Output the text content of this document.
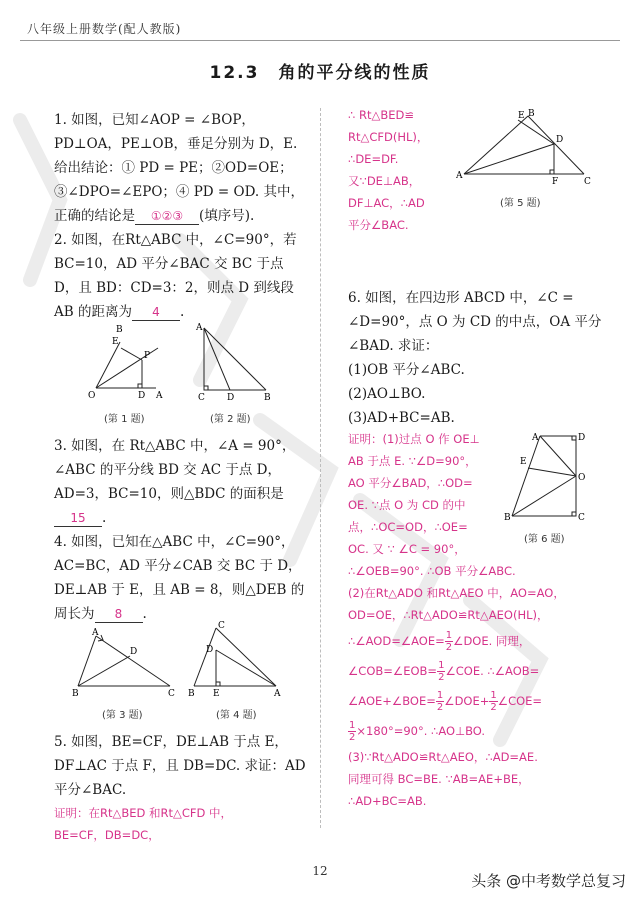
八年级上册数学(配人教版)
12.3　角的平分线的性质

1. 如图，已知∠AOP = ∠BOP，PD⊥OA，PE⊥OB，垂足分别为 D，E. 给出结论：① PD = PE；②OD=OE；③∠DPO=∠EPO；④ PD = OD. 其中，正确的结论是 ①②③ (填序号).

2. 如图，在Rt△ABC 中，∠C=90°，若 BC=10，AD 平分∠BAC 交 BC 于点 D，且 BD：CD=3：2，则点 D 到线段 AB 的距离为 4 .

O
E
P
D A
B
(第 1 题)
A
C D	B
(第 2 题)

3. 如图，在 Rt△ABC 中，∠A = 90°，∠ABC 的平分线 BD 交 AC 于点 D，AD=3，BC=10，则△BDC 的面积是
15 .

4. 如图，已知在△ABC 中，∠C=90°，AC=BC，AD 平分∠CAB 交 BC 于 D，DE⊥AB 于 E，且 AB = 8，则△DEB 的周长为 8 .

A
D
B	C
(第 3 题)
C
D
B E	A
(第 4 题)

5. 如图，BE=CF，DE⊥AB 于点 E，DF⊥AC 于点 F，且 DB=DC. 求证：AD 平分∠BAC.

证明：在Rt△BED 和Rt△CFD 中，

BE=CF，DB=DC，

∴ Rt△BED≌

Rt△CFD(HL)，

∴DE=DF.

又∵DE⊥AB，

DF⊥AC，∴AD

平分∠BAC.

E B
D
A
F	C
(第 5 题)

6. 如图，在四边形 ABCD 中，∠C = ∠D=90°，点 O 为 CD 的中点，OA 平分∠BAD. 求证：

(1)OB 平分∠ABC.

(2)AO⊥BO.

(3)AD+BC=AB.

证明：(1)过点 O 作 OE⊥

AB 于点 E. ∵∠D=90°，

AO 平分∠BAD，∴OD=

OE. ∵点 O 为 CD 的中

点，∴OC=OD，∴OE=

OC. 又 ∵ ∠C = 90°，

A	D
E
O
B	C
(第 6 题)

∴∠OEB=90°. ∴OB 平分∠ABC.

(2)在Rt△ADO 和Rt△AEO 中，AO=AO，

OD=OE，∴Rt△ADO≌Rt△AEO(HL)，

∴∠AOD=∠AOE= $\frac{1}{2}$ ∠DOE. 同理，

∠COB=∠EOB= $\frac{1}{2}$ ∠COE. ∴∠AOB=

∠AOE+∠BOE= $\frac{1}{2}$ ∠DOE+ $\frac{1}{2}$ ∠COE=

$\frac{1}{2} \times 180^\circ=90^\circ$. ∴AO⊥BO.

(3)∵Rt△ADO≌Rt△AEO，∴AD=AE.

同理可得 BC=BE. ∵AB=AE+BE，

∴AD+BC=AB.

12
头条 @中考数学总复习
